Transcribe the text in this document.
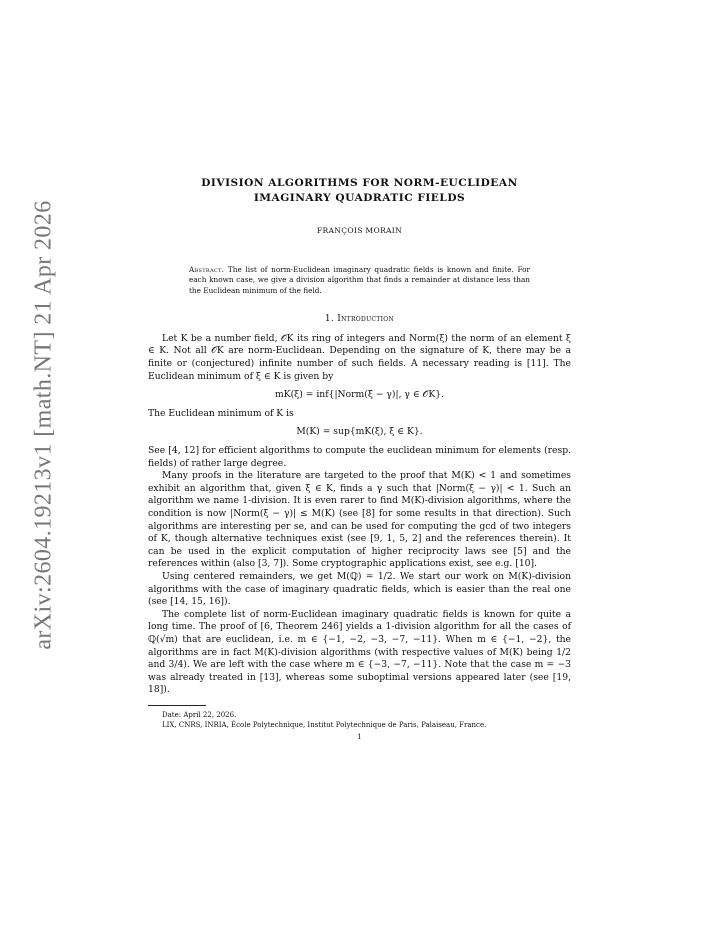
arXiv:2604.19213v1 [math.NT] 21 Apr 2026
DIVISION ALGORITHMS FOR NORM-EUCLIDEAN
IMAGINARY QUADRATIC FIELDS
FRANÇOIS MORAIN
Abstract. The list of norm-Euclidean imaginary quadratic fields is known and finite. For each known case, we give a division algorithm that finds a remainder at distance less than the Euclidean minimum of the field.
1. Introduction

Let K be a number field, 𝒪K its ring of integers and Norm(ξ) the norm of an element ξ ∈ K. Not all 𝒪K are norm-Euclidean. Depending on the signature of K, there may be a finite or (conjectured) infinite number of such fields. A necessary reading is [11]. The Euclidean minimum of ξ ∈ K is given by

mK(ξ) = inf{|Norm(ξ − γ)|, γ ∈ 𝒪K}.

The Euclidean minimum of K is

M(K) = sup{mK(ξ), ξ ∈ K}.

See [4, 12] for efficient algorithms to compute the euclidean minimum for elements (resp. fields) of rather large degree.

Many proofs in the literature are targeted to the proof that M(K) < 1 and sometimes exhibit an algorithm that, given ξ ∈ K, finds a γ such that |Norm(ξ − γ)| < 1. Such an algorithm we name 1-division. It is even rarer to find M(K)-division algorithms, where the condition is now |Norm(ξ − γ)| ≤ M(K) (see [8] for some results in that direction). Such algorithms are interesting per se, and can be used for computing the gcd of two integers of K, though alternative techniques exist (see [9, 1, 5, 2] and the references therein). It can be used in the explicit computation of higher reciprocity laws see [5] and the references within (also [3, 7]). Some cryptographic applications exist, see e.g. [10].

Using centered remainders, we get M(ℚ) = 1/2. We start our work on M(K)-division algorithms with the case of imaginary quadratic fields, which is easier than the real one (see [14, 15, 16]).

The complete list of norm-Euclidean imaginary quadratic fields is known for quite a long time. The proof of [6, Theorem 246] yields a 1-division algorithm for all the cases of ℚ(√m) that are euclidean, i.e. m ∈ {−1, −2, −3, −7, −11}. When m ∈ {−1, −2}, the algorithms are in fact M(K)-division algorithms (with respective values of M(K) being 1/2 and 3/4). We are left with the case where m ∈ {−3, −7, −11}. Note that the case m = −3 was already treated in [13], whereas some suboptimal versions appeared later (see [19, 18]).

Date: April 22, 2026.
LIX, CNRS, INRIA, École Polytechnique, Institut Polytechnique de Paris, Palaiseau, France.
1
